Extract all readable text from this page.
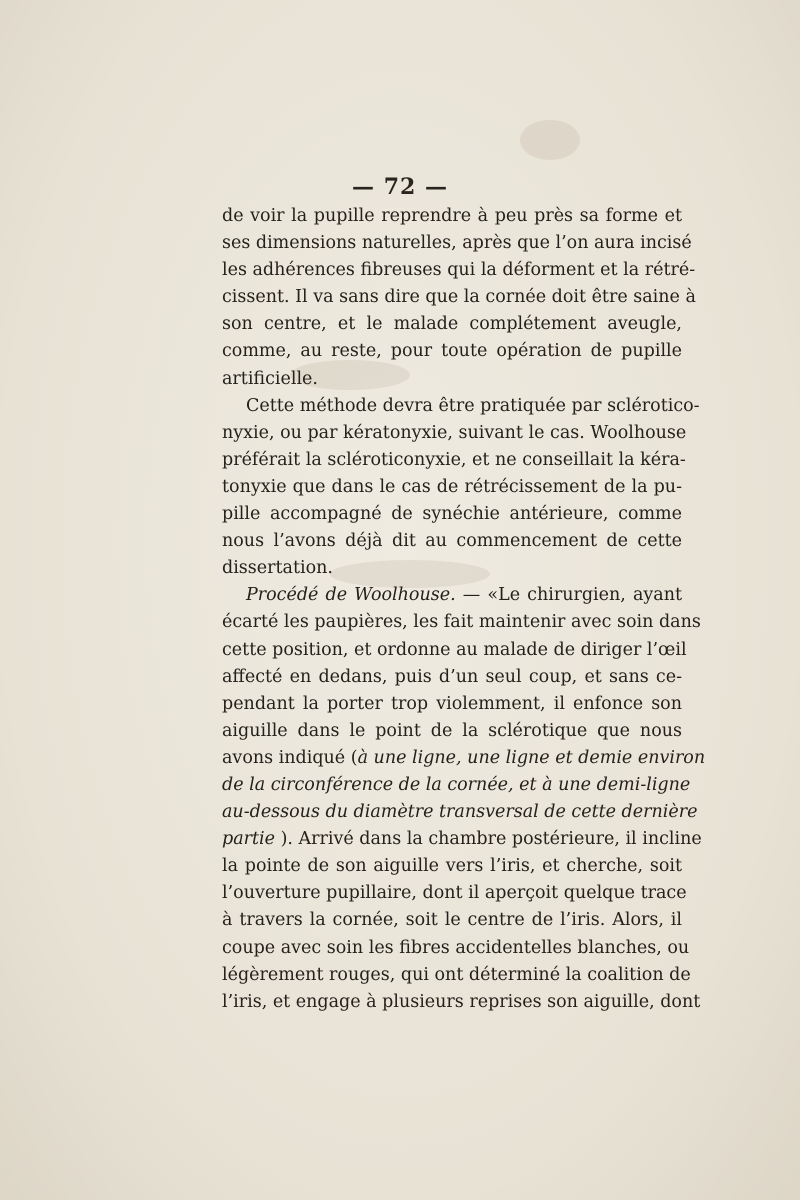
— 72 —
de voir la pupille reprendre à peu près sa forme et
ses dimensions naturelles, après que l’on aura incisé
les adhérences fibreuses qui la déforment et la rétré-
cissent. Il va sans dire que la cornée doit être saine à
son centre, et le malade complétement aveugle,
comme, au reste, pour toute opération de pupille
artificielle.
Cette méthode devra être pratiquée par scléroticо-
nyxie, ou par kératonyxie, suivant le cas. Woolhouse
préférait la scléroticonyxie, et ne conseillait la kéra-
tonyxie que dans le cas de rétrécissement de la pu-
pille accompagné de synéchie antérieure, comme
nous l’avons déjà dit au commencement de cette
dissertation.
Procédé de Woolhouse. — «Le chirurgien, ayant
écarté les paupières, les fait maintenir avec soin dans
cette position, et ordonne au malade de diriger l’œil
affecté en dedans, puis d’un seul coup, et sans ce-
pendant la porter trop violemment, il enfonce son
aiguille dans le point de la sclérotique que nous
avons indiqué (à une ligne, une ligne et demie environ
de la circonférence de la cornée, et à une demi-ligne
au-dessous du diamètre transversal de cette dernière
partie ). Arrivé dans la chambre postérieure, il incline
la pointe de son aiguille vers l’iris, et cherche, soit
l’ouverture pupillaire, dont il aperçoit quelque trace
à travers la cornée, soit le centre de l’iris. Alors, il
coupe avec soin les fibres accidentelles blanches, ou
légèrement rouges, qui ont déterminé la coalition de
l’iris, et engage à plusieurs reprises son aiguille, dont
